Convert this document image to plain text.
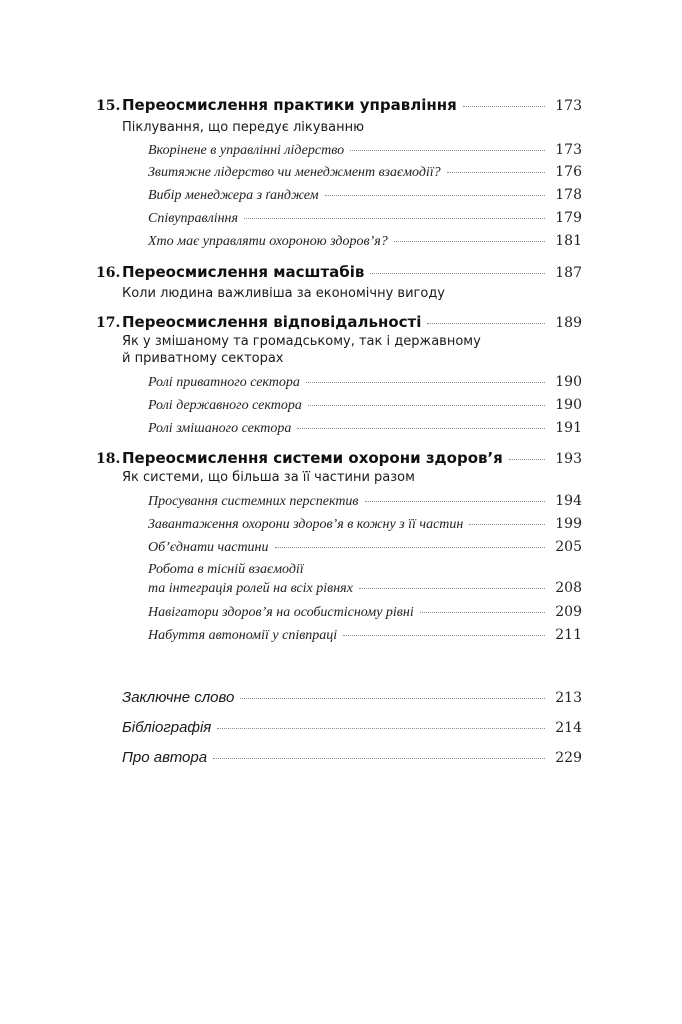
15. Переосмислення практики управління	173
Піклування, що передує лікуванню
Вкорінене в управлінні лідерство	173
Звитяжне лідерство чи менеджмент взаємодії?	176
Вибір менеджера з ґанджем	178
Співуправління	179
Хто має управляти охороною здоров’я?	181
16. Переосмислення масштабів	187
Коли людина важливіша за економічну вигоду
17. Переосмислення відповідальності	189
Як у змішаному та громадському, так і державному
й приватному секторах
Ролі приватного сектора	190
Ролі державного сектора	190
Ролі змішаного сектора	191
18. Переосмислення системи охорони здоров’я	193
Як системи, що більша за її частини разом
Просування системних перспектив	194
Завантаження охорони здоров’я в кожну з її частин	199
Об’єднати частини	205
Робота в тісній взаємодії
та інтеграція ролей на всіх рівнях	208
Навігатори здоров’я на особистісному рівні	209
Набуття автономії у співпраці	211
Заключне слово	213
Бібліографія	214
Про автора	229
